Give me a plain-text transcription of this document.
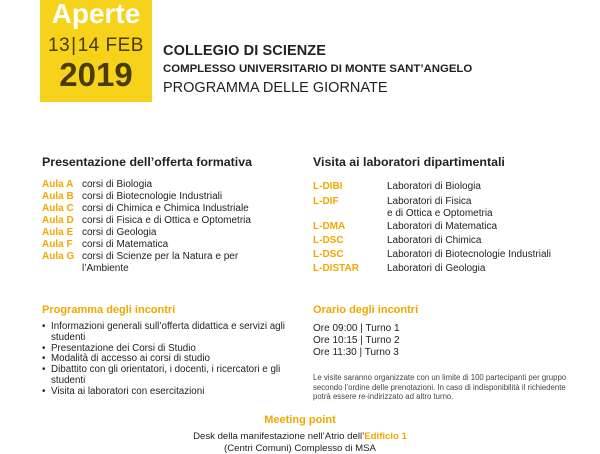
Aperte
13|14 FEB
2019
COLLEGIO DI SCIENZE
COMPLESSO UNIVERSITARIO DI MONTE SANT’ANGELO
PROGRAMMA DELLE GIORNATE
Presentazione dell’offerta formativa
Aula A corsi di Biologia
Aula B corsi di Biotecnologie Industriali
Aula C corsi di Chimica e Chimica Industriale
Aula D corsi di Fisica e di Ottica e Optometria
Aula E corsi di Geologia
Aula F corsi di Matematica
Aula G corsi di Scienze per la Natura e per
l’Ambiente
Visita ai laboratori dipartimentali
L-DIBI	Laboratori di Biologia
L-DIF	Laboratori di Fisica
e di Ottica e Optometria
L-DMA	Laboratori di Matematica
L-DSC	Laboratori di Chimica
L-DSC	Laboratori di Biotecnologie Industriali
L-DISTAR	Laboratori di Geologia
Programma degli incontri
• Informazioni generali sull’offerta didattica e servizi agli studenti
• Presentazione dei Corsi di Studio
• Modalità di accesso ai corsi di studio
• Dibattito con gli orientatori, i docenti, i ricercatori e gli studenti
• Visita ai laboratori con esercitazioni
Orario degli incontri
Ore 09:00 | Turno 1
Ore 10:15 | Turno 2
Ore 11:30 | Turno 3
Le visite saranno organizzate con un limite di 100 partecipanti per gruppo secondo l’ordine delle prenotazioni. In caso di indisponibilità il richiedente potrà essere re-indirizzato ad altro turno.
Meeting point
Desk della manifestazione nell’Atrio dell’Edificio 1
(Centri Comuni) Complesso di MSA
